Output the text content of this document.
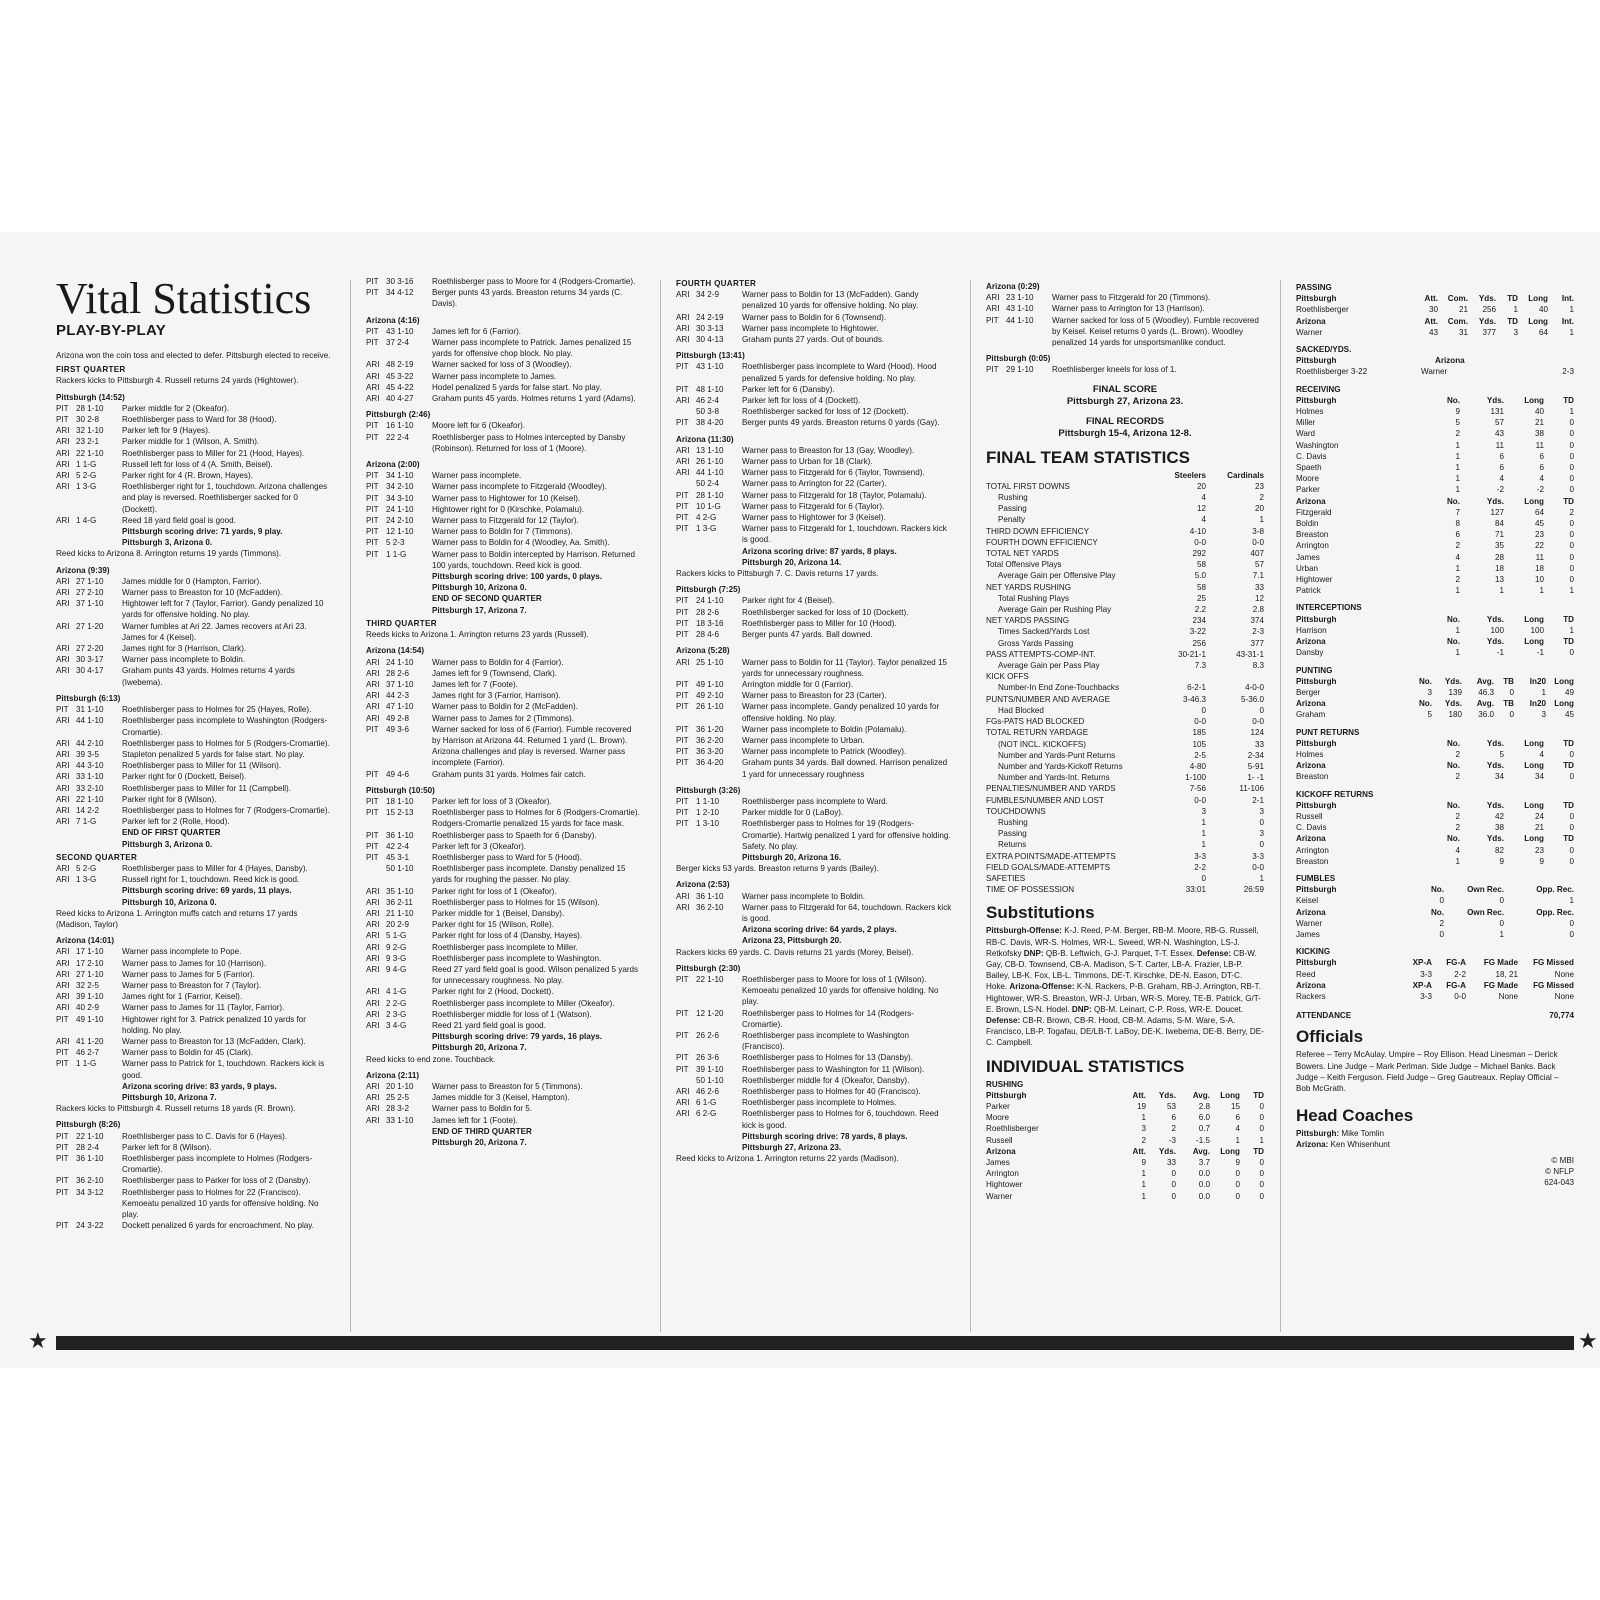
Vital Statistics
PLAY-BY-PLAY
Arizona won the coin toss and elected to defer. Pittsburgh elected to receive.
FIRST QUARTER
Rackers kicks to Pittsburgh 4. Russell returns 24 yards (Hightower).
Pittsburgh (14:52)
PIT 28 1-10	Parker middle for 2 (Okeafor).
PIT 30 2-8	Roethlisberger pass to Ward for 38 (Hood).
ARI 32 1-10	Parker left for 9 (Hayes).
ARI 23 2-1	Parker middle for 1 (Wilson, A. Smith).
ARI 22 1-10	Roethlisberger pass to Miller for 21 (Hood, Hayes).
ARI 1 1-G	Russell left for loss of 4 (A. Smith, Beisel).
ARI 5 2-G	Parker right for 4 (R. Brown, Hayes).
ARI 1 3-G	Roethlisberger right for 1, touchdown. Arizona challenges and play is reversed. Roethlisberger sacked for 0 (Dockett).
ARI 1 4-G	Reed 18 yard field goal is good.
Pittsburgh scoring drive: 71 yards, 9 play.
Pittsburgh 3, Arizona 0.
Reed kicks to Arizona 8. Arrington returns 19 yards (Timmons).
Arizona (9:39)
ARI 27 1-10	James middle for 0 (Hampton, Farrior).
ARI 27 2-10	Warner pass to Breaston for 10 (McFadden).
ARI 37 1-10	Hightower left for 7 (Taylor, Farrior). Gandy penalized 10 yards for offensive holding. No play.
ARI 27 1-20	Warner fumbles at Ari 22. James recovers at Ari 23. James for 4 (Keisel).
ARI 27 2-20	James right for 3 (Harrison, Clark).
ARI 30 3-17	Warner pass incomplete to Boldin.
ARI 30 4-17	Graham punts 43 yards. Holmes returns 4 yards (Iwebema).
Pittsburgh (6:13)
PIT 31 1-10	Roethlisberger pass to Holmes for 25 (Hayes, Rolle).
ARI 44 1-10	Roethlisberger pass incomplete to Washington (Rodgers-Cromartie).
ARI 44 2-10	Roethlisberger pass to Holmes for 5 (Rodgers-Cromartie).
ARI 39 3-5	Stapleton penalized 5 yards for false start. No play.
ARI 44 3-10	Roethlisberger pass to Miller for 11 (Wilson).
ARI 33 1-10	Parker right for 0 (Dockett, Beisel).
ARI 33 2-10	Roethlisberger pass to Miller for 11 (Campbell).
ARI 22 1-10	Parker right for 8 (Wilson).
ARI 14 2-2	Roethlisberger pass to Holmes for 7 (Rodgers-Cromartie).
ARI 7 1-G	Parker left for 2 (Rolle, Hood).
END OF FIRST QUARTER
Pittsburgh 3, Arizona 0.
SECOND QUARTER
ARI 5 2-G	Roethlisberger pass to Miller for 4 (Hayes, Dansby).
ARI 1 3-G	Russell right for 1, touchdown. Reed kick is good.
Pittsburgh scoring drive: 69 yards, 11 plays.
Pittsburgh 10, Arizona 0.
Reed kicks to Arizona 1. Arrington muffs catch and returns 17 yards (Madison, Taylor)
Arizona (14:01)
ARI 17 1-10	Warner pass incomplete to Pope.
ARI 17 2-10	Warner pass to James for 10 (Harrison).
ARI 27 1-10	Warner pass to James for 5 (Farrior).
ARI 32 2-5	Warner pass to Breaston for 7 (Taylor).
ARI 39 1-10	James right for 1 (Farrior, Keisel).
ARI 40 2-9	Warner pass to James for 11 (Taylor, Farrior).
PIT 49 1-10	Hightower right for 3. Patrick penalized 10 yards for holding. No play.
ARI 41 1-20	Warner pass to Breaston for 13 (McFadden, Clark).
PIT 46 2-7	Warner pass to Boldin for 45 (Clark).
PIT 1 1-G	Warner pass to Patrick for 1, touchdown. Rackers kick is good.
Arizona scoring drive: 83 yards, 9 plays.
Pittsburgh 10, Arizona 7.
Rackers kicks to Pittsburgh 4. Russell returns 18 yards (R. Brown).
Pittsburgh (8:26)
PIT 22 1-10	Roethlisberger pass to C. Davis for 6 (Hayes).
PIT 28 2-4	Parker left for 8 (Wilson).
PIT 36 1-10	Roethlisberger pass incomplete to Holmes (Rodgers-Cromartie).
PIT 36 2-10	Roethlisberger pass to Parker for loss of 2 (Dansby).
PIT 34 3-12	Roethlisberger pass to Holmes for 22 (Francisco). Kemoeatu penalized 10 yards for offensive holding. No play.
PIT 24 3-22	Dockett penalized 6 yards for encroachment. No play.
PIT 30 3-16	Roethlisberger pass to Moore for 4 (Rodgers-Cromartie).
PIT 34 4-12	Berger punts 43 yards. Breaston returns 34 yards (C. Davis).
Arizona (4:16)
PIT 43 1-10	James left for 6 (Farrior).
PIT 37 2-4	Warner pass incomplete to Patrick. James penalized 15 yards for offensive chop block. No play.
ARI 48 2-19	Warner sacked for loss of 3 (Woodley).
ARI 45 3-22	Warner pass incomplete to James.
ARI 45 4-22	Hodel penalized 5 yards for false start. No play.
ARI 40 4-27	Graham punts 45 yards. Holmes returns 1 yard (Adams).
Pittsburgh (2:46)
PIT 16 1-10	Moore left for 6 (Okeafor).
PIT 22 2-4	Roethlisberger pass to Holmes intercepted by Dansby (Robinson). Returned for loss of 1 (Moore).
Arizona (2:00)
PIT 34 1-10	Warner pass incomplete.
PIT 34 2-10	Warner pass incomplete to Fitzgerald (Woodley).
PIT 34 3-10	Warner pass to Hightower for 10 (Keisel).
PIT 24 1-10	Hightower right for 0 (Kirschke, Polamalu).
PIT 24 2-10	Warner pass to Fitzgerald for 12 (Taylor).
PIT 12 1-10	Warner pass to Boldin for 7 (Timmons).
PIT 5 2-3	Warner pass to Boldin for 4 (Woodley, Aa. Smith).
PIT 1 1-G	Warner pass to Boldin intercepted by Harrison. Returned 100 yards, touchdown. Reed kick is good.
Pittsburgh scoring drive: 100 yards, 0 plays.
Pittsburgh 10, Arizona 0.
END OF SECOND QUARTER
Pittsburgh 17, Arizona 7.
THIRD QUARTER
Reeds kicks to Arizona 1. Arrington returns 23 yards (Russell).
Arizona (14:54)
ARI 24 1-10	Warner pass to Boldin for 4 (Farrior).
ARI 28 2-6	James left for 9 (Townsend, Clark).
ARI 37 1-10	James left for 7 (Foote).
ARI 44 2-3	James right for 3 (Farrior, Harrison).
ARI 47 1-10	Warner pass to Boldin for 2 (McFadden).
ARI 49 2-8	Warner pass to James for 2 (Timmons).
PIT 49 3-6	Warner sacked for loss of 6 (Farrior). Fumble recovered by Harrison at Arizona 44. Returned 1 yard (L. Brown). Arizona challenges and play is reversed. Warner pass incomplete (Farrior).
PIT 49 4-6	Graham punts 31 yards. Holmes fair catch.
Pittsburgh (10:50)
PIT 18 1-10	Parker left for loss of 3 (Okeafor).
PIT 15 2-13	Roethlisberger pass to Holmes for 6 (Rodgers-Cromartie). Rodgers-Cromartie penalized 15 yards for face mask.
PIT 36 1-10	Roethlisberger pass to Spaeth for 6 (Dansby).
PIT 42 2-4	Parker left for 3 (Okeafor).
PIT 45 3-1	Roethlisberger pass to Ward for 5 (Hood).
50 1-10	Roethlisberger pass incomplete. Dansby penalized 15 yards for roughing the passer. No play.
ARI 35 1-10	Parker right for loss of 1 (Okeafor).
ARI 36 2-11	Roethlisberger pass to Holmes for 15 (Wilson).
ARI 21 1-10	Parker middle for 1 (Beisel, Dansby).
ARI 20 2-9	Parker right for 15 (Wilson, Rolle).
ARI 5 1-G	Parker right for loss of 4 (Dansby, Hayes).
ARI 9 2-G	Roethlisberger pass incomplete to Miller.
ARI 9 3-G	Roethlisberger pass incomplete to Washington.
ARI 9 4-G	Reed 27 yard field goal is good. Wilson penalized 5 yards for unnecessary roughness. No play.
ARI 4 1-G	Parker right for 2 (Hood, Dockett).
ARI 2 2-G	Roethlisberger pass incomplete to Miller (Okeafor).
ARI 2 3-G	Roethlisberger middle for loss of 1 (Watson).
ARI 3 4-G	Reed 21 yard field goal is good.
Pittsburgh scoring drive: 79 yards, 16 plays.
Pittsburgh 20, Arizona 7.
Reed kicks to end zone. Touchback.
Arizona (2:11)
ARI 20 1-10	Warner pass to Breaston for 5 (Timmons).
ARI 25 2-5	James middle for 3 (Keisel, Hampton).
ARI 28 3-2	Warner pass to Boldin for 5.
ARI 33 1-10	James left for 1 (Foote).
END OF THIRD QUARTER
Pittsburgh 20, Arizona 7.
FOURTH QUARTER
ARI 34 2-9	Warner pass to Boldin for 13 (McFadden). Gandy penalized 10 yards for offensive holding. No play.
ARI 24 2-19	Warner pass to Boldin for 6 (Townsend).
ARI 30 3-13	Warner pass incomplete to Hightower.
ARI 30 4-13	Graham punts 27 yards. Out of bounds.
Pittsburgh (13:41)
PIT 43 1-10	Roethlisberger pass incomplete to Ward (Hood). Hood penalized 5 yards for defensive holding. No play.
PIT 48 1-10	Parker left for 6 (Dansby).
ARI 46 2-4	Parker left for loss of 4 (Dockett).
50 3-8	Roethlisberger sacked for loss of 12 (Dockett).
PIT 38 4-20	Berger punts 49 yards. Breaston returns 0 yards (Gay).
Arizona (11:30)
ARI 13 1-10	Warner pass to Breaston for 13 (Gay, Woodley).
ARI 26 1-10	Warner pass to Urban for 18 (Clark).
ARI 44 1-10	Warner pass to Fitzgerald for 6 (Taylor, Townsend).
50 2-4	Warner pass to Arrington for 22 (Carter).
PIT 28 1-10	Warner pass to Fitzgerald for 18 (Taylor, Polamalu).
PIT 10 1-G	Warner pass to Fitzgerald for 6 (Taylor).
PIT 4 2-G	Warner pass to Hightower for 3 (Keisel).
PIT 1 3-G	Warner pass to Fitzgerald for 1, touchdown. Rackers kick is good.
Arizona scoring drive: 87 yards, 8 plays.
Pittsburgh 20, Arizona 14.
Rackers kicks to Pittsburgh 7. C. Davis returns 17 yards.
Pittsburgh (7:25)
PIT 24 1-10	Parker right for 4 (Beisel).
PIT 28 2-6	Roethlisberger sacked for loss of 10 (Dockett).
PIT 18 3-16	Roethlisberger pass to Miller for 10 (Hood).
PIT 28 4-6	Berger punts 47 yards. Ball downed.
Arizona (5:28)
ARI 25 1-10	Warner pass to Boldin for 11 (Taylor). Taylor penalized 15 yards for unnecessary roughness.
PIT 49 1-10	Arrington middle for 0 (Farrior).
PIT 49 2-10	Warner pass to Breaston for 23 (Carter).
PIT 26 1-10	Warner pass incomplete. Gandy penalized 10 yards for offensive holding. No play.
PIT 36 1-20	Warner pass incomplete to Boldin (Polamalu).
PIT 36 2-20	Warner pass incomplete to Urban.
PIT 36 3-20	Warner pass incomplete to Patrick (Woodley).
PIT 36 4-20	Graham punts 34 yards. Ball downed. Harrison penalized 1 yard for unnecessary roughness
Pittsburgh (3:26)
PIT 1 1-10	Roethlisberger pass incomplete to Ward.
PIT 1 2-10	Parker middle for 0 (LaBoy).
PIT 1 3-10	Roethlisberger pass to Holmes for 19 (Rodgers-Cromartie). Hartwig penalized 1 yard for offensive holding. Safety. No play.
Pittsburgh 20, Arizona 16.
Berger kicks 53 yards. Breaston returns 9 yards (Bailey).
Arizona (2:53)
ARI 36 1-10	Warner pass incomplete to Boldin.
ARI 36 2-10	Warner pass to Fitzgerald for 64, touchdown. Rackers kick is good.
Arizona scoring drive: 64 yards, 2 plays.
Arizona 23, Pittsburgh 20.
Rackers kicks 69 yards. C. Davis returns 21 yards (Morey, Beisel).
Pittsburgh (2:30)
PIT 22 1-10	Roethlisberger pass to Moore for loss of 1 (Wilson). Kemoeatu penalized 10 yards for offensive holding. No play.
PIT 12 1-20	Roethlisberger pass to Holmes for 14 (Rodgers-Cromartie).
PIT 26 2-6	Roethlisberger pass incomplete to Washington (Francisco).
PIT 26 3-6	Roethlisberger pass to Holmes for 13 (Dansby).
PIT 39 1-10	Roethlisberger pass to Washington for 11 (Wilson).
50 1-10	Roethlisberger middle for 4 (Okeafor, Dansby).
ARI 46 2-6	Roethlisberger pass to Holmes for 40 (Francisco).
ARI 6 1-G	Roethlisberger pass incomplete to Holmes.
ARI 6 2-G	Roethlisberger pass to Holmes for 6, touchdown. Reed kick is good.
Pittsburgh scoring drive: 78 yards, 8 plays.
Pittsburgh 27, Arizona 23.
Reed kicks to Arizona 1. Arrington returns 22 yards (Madison).
Arizona (0:29)
ARI 23 1-10	Warner pass to Fitzgerald for 20 (Timmons).
ARI 43 1-10	Warner pass to Arrington for 13 (Harrison).
PIT 44 1-10	Warner sacked for loss of 5 (Woodley). Fumble recovered by Keisel. Keisel returns 0 yards (L. Brown). Woodley penalized 14 yards for unsportsmanlike conduct.
Pittsburgh (0:05)
PIT 29 1-10	Roethlisberger kneels for loss of 1.
FINAL SCORE
Pittsburgh 27, Arizona 23.
FINAL RECORDS
Pittsburgh 15-4, Arizona 12-8.
FINAL TEAM STATISTICS
Steelers	Cardinals
TOTAL FIRST DOWNS	20	23
Rushing	4	2
Passing	12	20
Penalty	4	1
THIRD DOWN EFFICIENCY	4-10	3-8
FOURTH DOWN EFFICIENCY	0-0	0-0
TOTAL NET YARDS	292	407
Total Offensive Plays	58	57
Average Gain per Offensive Play	5.0	7.1
NET YARDS RUSHING	58	33
Total Rushing Plays	25	12
Average Gain per Rushing Play	2.2	2.8
NET YARDS PASSING	234	374
Times Sacked/Yards Lost	3-22	2-3
Gross Yards Passing	256	377
PASS ATTEMPTS-COMP-INT.	30-21-1	43-31-1
Average Gain per Pass Play	7.3	8.3
KICK OFFS
Number-In End Zone-Touchbacks	6-2-1	4-0-0
PUNTS/NUMBER AND AVERAGE	3-46.3	5-36.0
Had Blocked	0	0
FGs-PATS HAD BLOCKED	0-0	0-0
TOTAL RETURN YARDAGE	185	124
(NOT INCL. KICKOFFS)	105	33
Number and Yards-Punt Returns	2-5	2-34
Number and Yards-Kickoff Returns	4-80	5-91
Number and Yards-Int. Returns	1-100	1- -1
PENALTIES/NUMBER AND YARDS	7-56	11-106
FUMBLES/NUMBER AND LOST	0-0	2-1
TOUCHDOWNS	3	3
Rushing	1	0
Passing	1	3
Returns	1	0
EXTRA POINTS/MADE-ATTEMPTS	3-3	3-3
FIELD GOALS/MADE-ATTEMPTS	2-2	0-0
SAFETIES	0	1
TIME OF POSSESSION	33:01	26:59
Substitutions
Pittsburgh-Offense: K-J. Reed, P-M. Berger, RB-M. Moore, RB-G. Russell, RB-C. Davis, WR-S. Holmes, WR-L. Sweed, WR-N. Washington, LS-J. Retkofsky DNP: QB-B. Leftwich, G-J. Parquet, T-T. Essex. Defense: CB-W. Gay, CB-D. Townsend, CB-A. Madison, S-T. Carter, LB-A. Frazier, LB-P. Bailey, LB-K. Fox, LB-L. Timmons, DE-T. Kirschke, DE-N. Eason, DT-C. Hoke. Arizona-Offense: K-N. Rackers, P-B. Graham, RB-J. Arrington, RB-T. Hightower, WR-S. Breaston, WR-J. Urban, WR-S. Morey, TE-B. Patrick, G/T-E. Brown, LS-N. Hodel. DNP: QB-M. Leinart, C-P. Ross, WR-E. Doucet. Defense: CB-R. Brown, CB-R. Hood, CB-M. Adams, S-M. Ware, S-A. Francisco, LB-P. Togafau, DE/LB-T. LaBoy, DE-K. Iwebema, DE-B. Berry, DE-C. Campbell.
INDIVIDUAL STATISTICS
RUSHING
Pittsburgh	Att.	Yds.	Avg.	Long	TD
Parker	19	53	2.8	15	0
Moore	1	6	6.0	6	0
Roethlisberger	3	2	0.7	4	0
Russell	2	-3	-1.5	1	1
Arizona	Att.	Yds.	Avg.	Long	TD
James	9	33	3.7	9	0
Arrington	1	0	0.0	0	0
Hightower	1	0	0.0	0	0
Warner	1	0	0.0	0	0
PASSING
Pittsburgh	Att.	Com.	Yds.	TD	Long	Int.
Roethlisberger	30	21	256	1	40	1
Arizona	Att.	Com.	Yds.	TD	Long	Int.
Warner	43	31	377	3	64	1
SACKED/YDS.
Pittsburgh	Arizona
Roethlisberger 3-22	Warner	2-3
RECEIVING
Pittsburgh	No.	Yds.	Long	TD
Holmes	9	131	40	1
Miller	5	57	21	0
Ward	2	43	38	0
Washington	1	11	11	0
C. Davis	1	6	6	0
Spaeth	1	6	6	0
Moore	1	4	4	0
Parker	1	-2	-2	0
Arizona	No.	Yds.	Long	TD
Fitzgerald	7	127	64	2
Boldin	8	84	45	0
Breaston	6	71	23	0
Arrington	2	35	22	0
James	4	28	11	0
Urban	1	18	18	0
Hightower	2	13	10	0
Patrick	1	1	1	1
INTERCEPTIONS
Pittsburgh	No.	Yds.	Long	TD
Harrison	1	100	100	1
Arizona	No.	Yds.	Long	TD
Dansby	1	-1	-1	0
PUNTING
Pittsburgh	No.	Yds.	Avg.	TB	In20	Long
Berger	3	139	46.3	0	1	49
Arizona	No.	Yds.	Avg.	TB	In20	Long
Graham	5	180	36.0	0	3	45
PUNT RETURNS
Pittsburgh	No.	Yds.	Long	TD
Holmes	2	5	4	0
Arizona	No.	Yds.	Long	TD
Breaston	2	34	34	0
KICKOFF RETURNS
Pittsburgh	No.	Yds.	Long	TD
Russell	2	42	24	0
C. Davis	2	38	21	0
Arizona	No.	Yds.	Long	TD
Arrington	4	82	23	0
Breaston	1	9	9	0
FUMBLES
Pittsburgh	No.	Own Rec.	Opp. Rec.
Keisel	0	0	1
Arizona	No.	Own Rec.	Opp. Rec.
Warner	2	0	0
James	0	1	0
KICKING
Pittsburgh	XP-A	FG-A	FG Made	FG Missed
Reed	3-3	2-2	18, 21	None
Arizona	XP-A	FG-A	FG Made	FG Missed
Rackers	3-3	0-0	None	None
ATTENDANCE	70,774
Officials
Referee – Terry McAulay. Umpire – Roy Ellison. Head Linesman – Derick Bowers. Line Judge – Mark Perlman. Side Judge – Michael Banks. Back Judge – Keith Ferguson. Field Judge – Greg Gautreaux. Replay Official – Bob McGrath.
Head Coaches
Pittsburgh: Mike Tomlin
Arizona: Ken Whisenhunt
© MBI
© NFLP
624-043
★	★
